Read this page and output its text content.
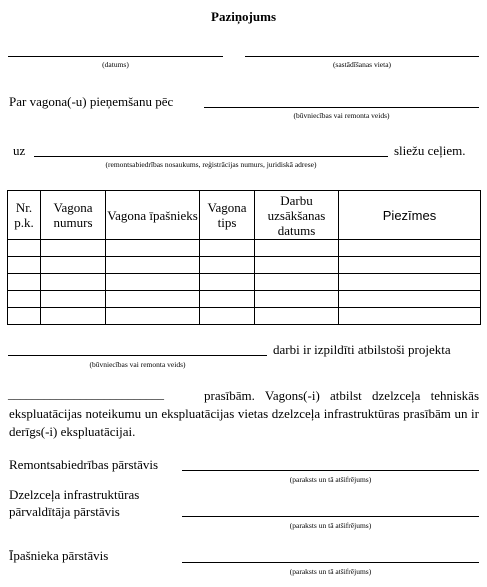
Paziņojums
(datums)	(sastādīšanas vieta)
Par vagona(-u) pieņemšanu pēc
(būvniecības vai remonta veids)
uz	sliežu ceļiem.
(remontsabiedrības nosaukums, reģistrācijas numurs, juridiskā adrese)
Nr. p.k.	Vagona numurs	Vagona īpašnieks	Vagona tips	Darbu uzsākšanas datums	Piezīmes

darbi ir izpildīti atbilstoši projekta
(būvniecības vai remonta veids)
__________________________	prasībām. Vagons(-i) atbilst dzelzceļa tehniskās ekspluatācijas noteikumu un ekspluatācijas vietas dzelzceļa infrastruktūras prasībām un ir derīgs(-i) ekspluatācijai.
Remontsabiedrības pārstāvis
(paraksts un tā atšifrējums)
Dzelzceļa infrastruktūras
pārvaldītāja pārstāvis
(paraksts un tā atšifrējums)
Īpašnieka pārstāvis
(paraksts un tā atšifrējums)
